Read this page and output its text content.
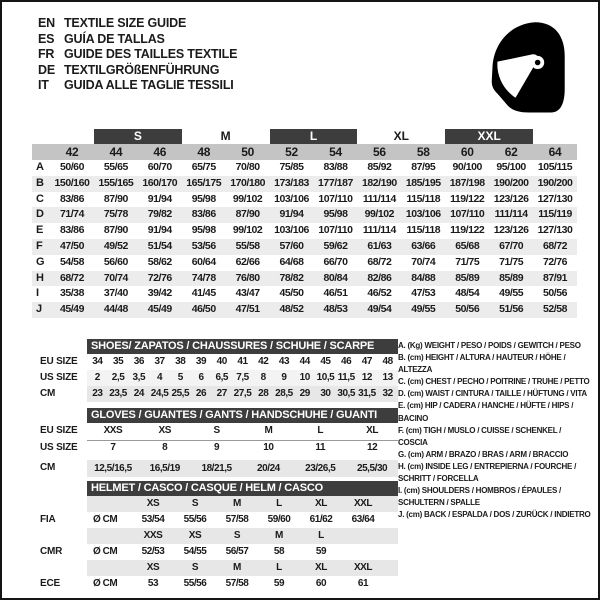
EN TEXTILE SIZE GUIDE
ES GUÍA DE TALLAS
FR GUIDE DES TAILLES TEXTILE
DE TEXTILGRÖßENFÜHRUNG
IT	GUIDA ALLE TAGLIE TESSILI
S	M	L	XL	XXL
42	44	46	48	50	52	54	56	58	60	62	64
A	50/60	55/65	60/70	65/75	70/80	75/85	83/88	85/92	87/95	90/100	95/100	105/115
B	150/160 155/165 160/170 165/175 170/180 173/183 177/187 182/190 185/195 187/198 190/200 190/200
C	83/86	87/90	91/94	95/98	99/102	103/106 107/110 111/114	115/118 119/122 123/126 127/130
D	71/74	75/78	79/82	83/86	87/90	91/94	95/98	99/102	103/106 107/110 111/114	115/119
E	83/86	87/90	91/94	95/98	99/102	103/106 107/110 111/114	115/118 119/122 123/126 127/130
F	47/50	49/52	51/54	53/56	55/58	57/60	59/62	61/63	63/66	65/68	67/70	68/72
G	54/58	56/60	58/62	60/64	62/66	64/68	66/70	68/72	70/74	71/75	71/75	72/76
H	68/72	70/74	72/76	74/78	76/80	78/82	80/84	82/86	84/88	85/89	85/89	87/91
I	35/38	37/40	39/42	41/45	43/47	45/50	46/51	46/52	47/53	48/54	49/55	50/56
J	45/49	44/48	45/49	46/50	47/51	48/52	48/53	49/54	49/55	50/56	51/56	52/58
SHOES/ ZAPATOS / CHAUSSURES / SCHUHE / SCARPE
EU SIZE	34	35	36	37	38	39	40	41	42	43	44	45	46	47	48
US SIZE	2	2,5 3,5	4	5	6	6,5 7,5	8	9	10 10,5 11,5 12	13
CM	23 23,5 24 24,5 25,5 26	27 27,5 28 28,5 29	30 30,5 31,5 32
GLOVES / GUANTES / GANTS / HANDSCHUHE / GUANTI
EU SIZE	XXS	XS	S	M	L	XL
US SIZE	7	8	9	10	11	12
CM	12,5/16,5	16,5/19	18/21,5	20/24	23/26,5	25,5/30
HELMET / CASCO / CASQUE / HELM / CASCO
XS	S	M	L	XL	XXL
FIA	Ø CM	53/54	55/56	57/58	59/60	61/62	63/64
XXS	XS	S	M	L
CMR	Ø CM	52/53	54/55	56/57	58	59
XS	S	M	L	XL	XXL
ECE	Ø CM	53	55/56	57/58	59	60	61
A. (Kg) WEIGHT / PESO / POIDS / GEWITCH / PESO
B. (cm) HEIGHT / ALTURA / HAUTEUR / HÖHE / ALTEZZA
C. (cm) CHEST / PECHO / POITRINE / TRUHE / PETTO
D. (cm) WAIST / CINTURA / TAILLE / HÜFTUNG / VITA
E. (cm) HIP / CADERA / HANCHE / HÜFTE / HIPS / BACINO
F. (cm) TIGH / MUSLO / CUISSE / SCHENKEL / COSCIA
G. (cm) ARM / BRAZO / BRAS / ARM / BRACCIO
H. (cm) INSIDE LEG / ENTREPIERNA / FOURCHE / SCHRITT / FORCELLA
I. (cm) SHOULDERS / HOMBROS / ÉPAULES / SCHULTERN / SPALLE
J. (cm) BACK / ESPALDA / DOS / ZURÜCK / INDIETRO
